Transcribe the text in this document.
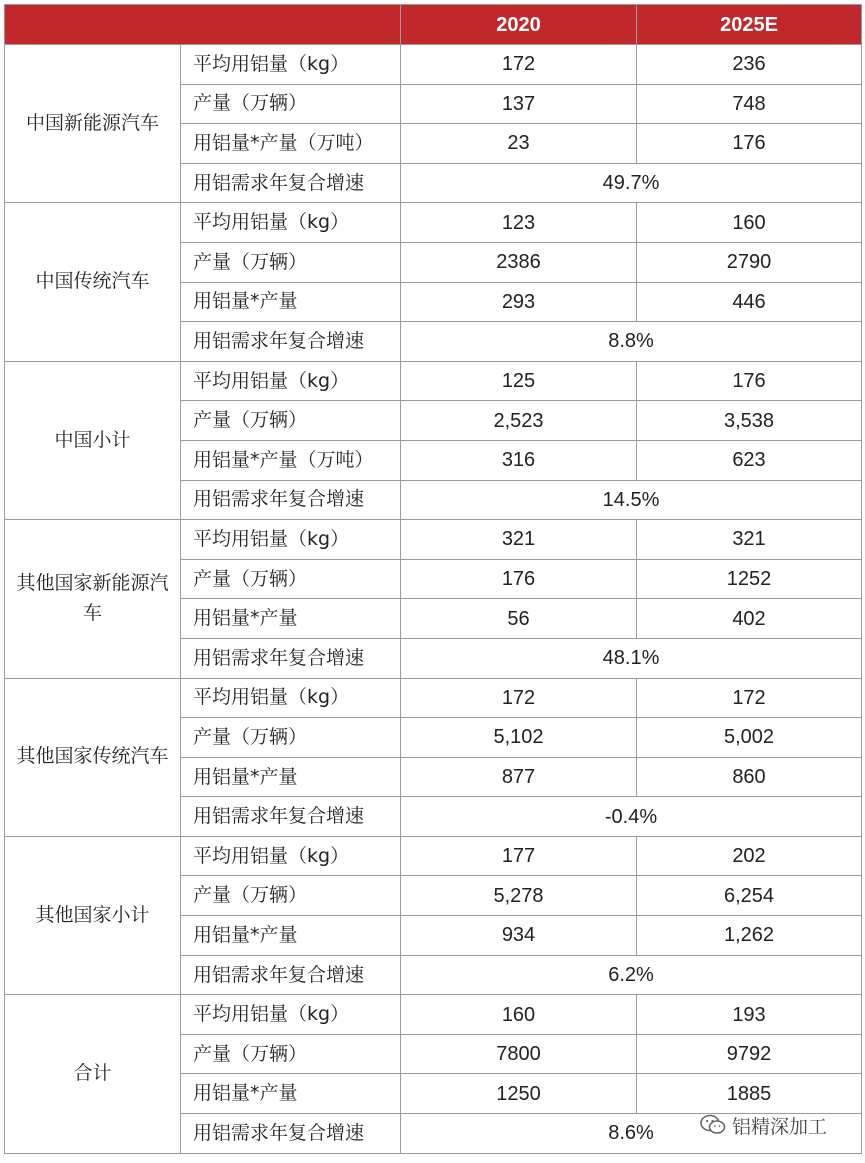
		2020	2025E
中国新能源汽车	平均用铝量（kg）	172	236
	产量（万辆）	137	748
	用铝量*产量（万吨）	23	176
	用铝需求年复合增速	49.7%	
中国传统汽车	平均用铝量（kg）	123	160
	产量（万辆）	2386	2790
	用铝量*产量	293	446
	用铝需求年复合增速	8.8%	
中国小计	平均用铝量（kg）	125	176
	产量（万辆）	2,523	3,538
	用铝量*产量（万吨）	316	623
	用铝需求年复合增速	14.5%	
其他国家新能源汽车	平均用铝量（kg）	321	321
	产量（万辆）	176	1252
	用铝量*产量	56	402
	用铝需求年复合增速	48.1%	
其他国家传统汽车	平均用铝量（kg）	172	172
	产量（万辆）	5,102	5,002
	用铝量*产量	877	860
	用铝需求年复合增速	-0.4%	
其他国家小计	平均用铝量（kg）	177	202
	产量（万辆）	5,278	6,254
	用铝量*产量	934	1,262
	用铝需求年复合增速	6.2%	
合计	平均用铝量（kg）	160	193
	产量（万辆）	7800	9792
	用铝量*产量	1250	1885
	用铝需求年复合增速	8.6%		铝精深加工
